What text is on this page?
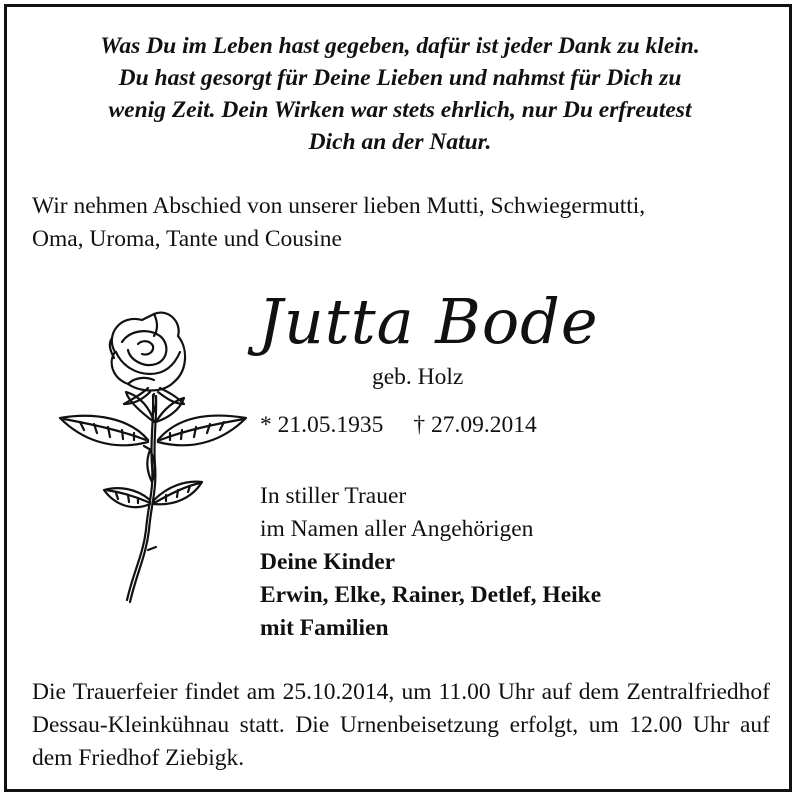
Was Du im Leben hast gegeben, dafür ist jeder Dank zu klein.
Du hast gesorgt für Deine Lieben und nahmst für Dich zu
wenig Zeit. Dein Wirken war stets ehrlich, nur Du erfreutest
Dich an der Natur.
Wir nehmen Abschied von unserer lieben Mutti, Schwiegermutti,
Oma, Uroma, Tante und Cousine
Jutta Bode
geb. Holz
* 21.05.1935 † 27.09.2014
In stiller Trauer
im Namen aller Angehörigen
Deine Kinder
Erwin, Elke, Rainer, Detlef, Heike
mit Familien
Die Trauerfeier findet am 25.10.2014, um 11.00 Uhr auf dem Zentralfriedhof Dessau-Kleinkühnau statt. Die Urnenbeisetzung erfolgt, um 12.00 Uhr auf dem Friedhof Ziebigk.
